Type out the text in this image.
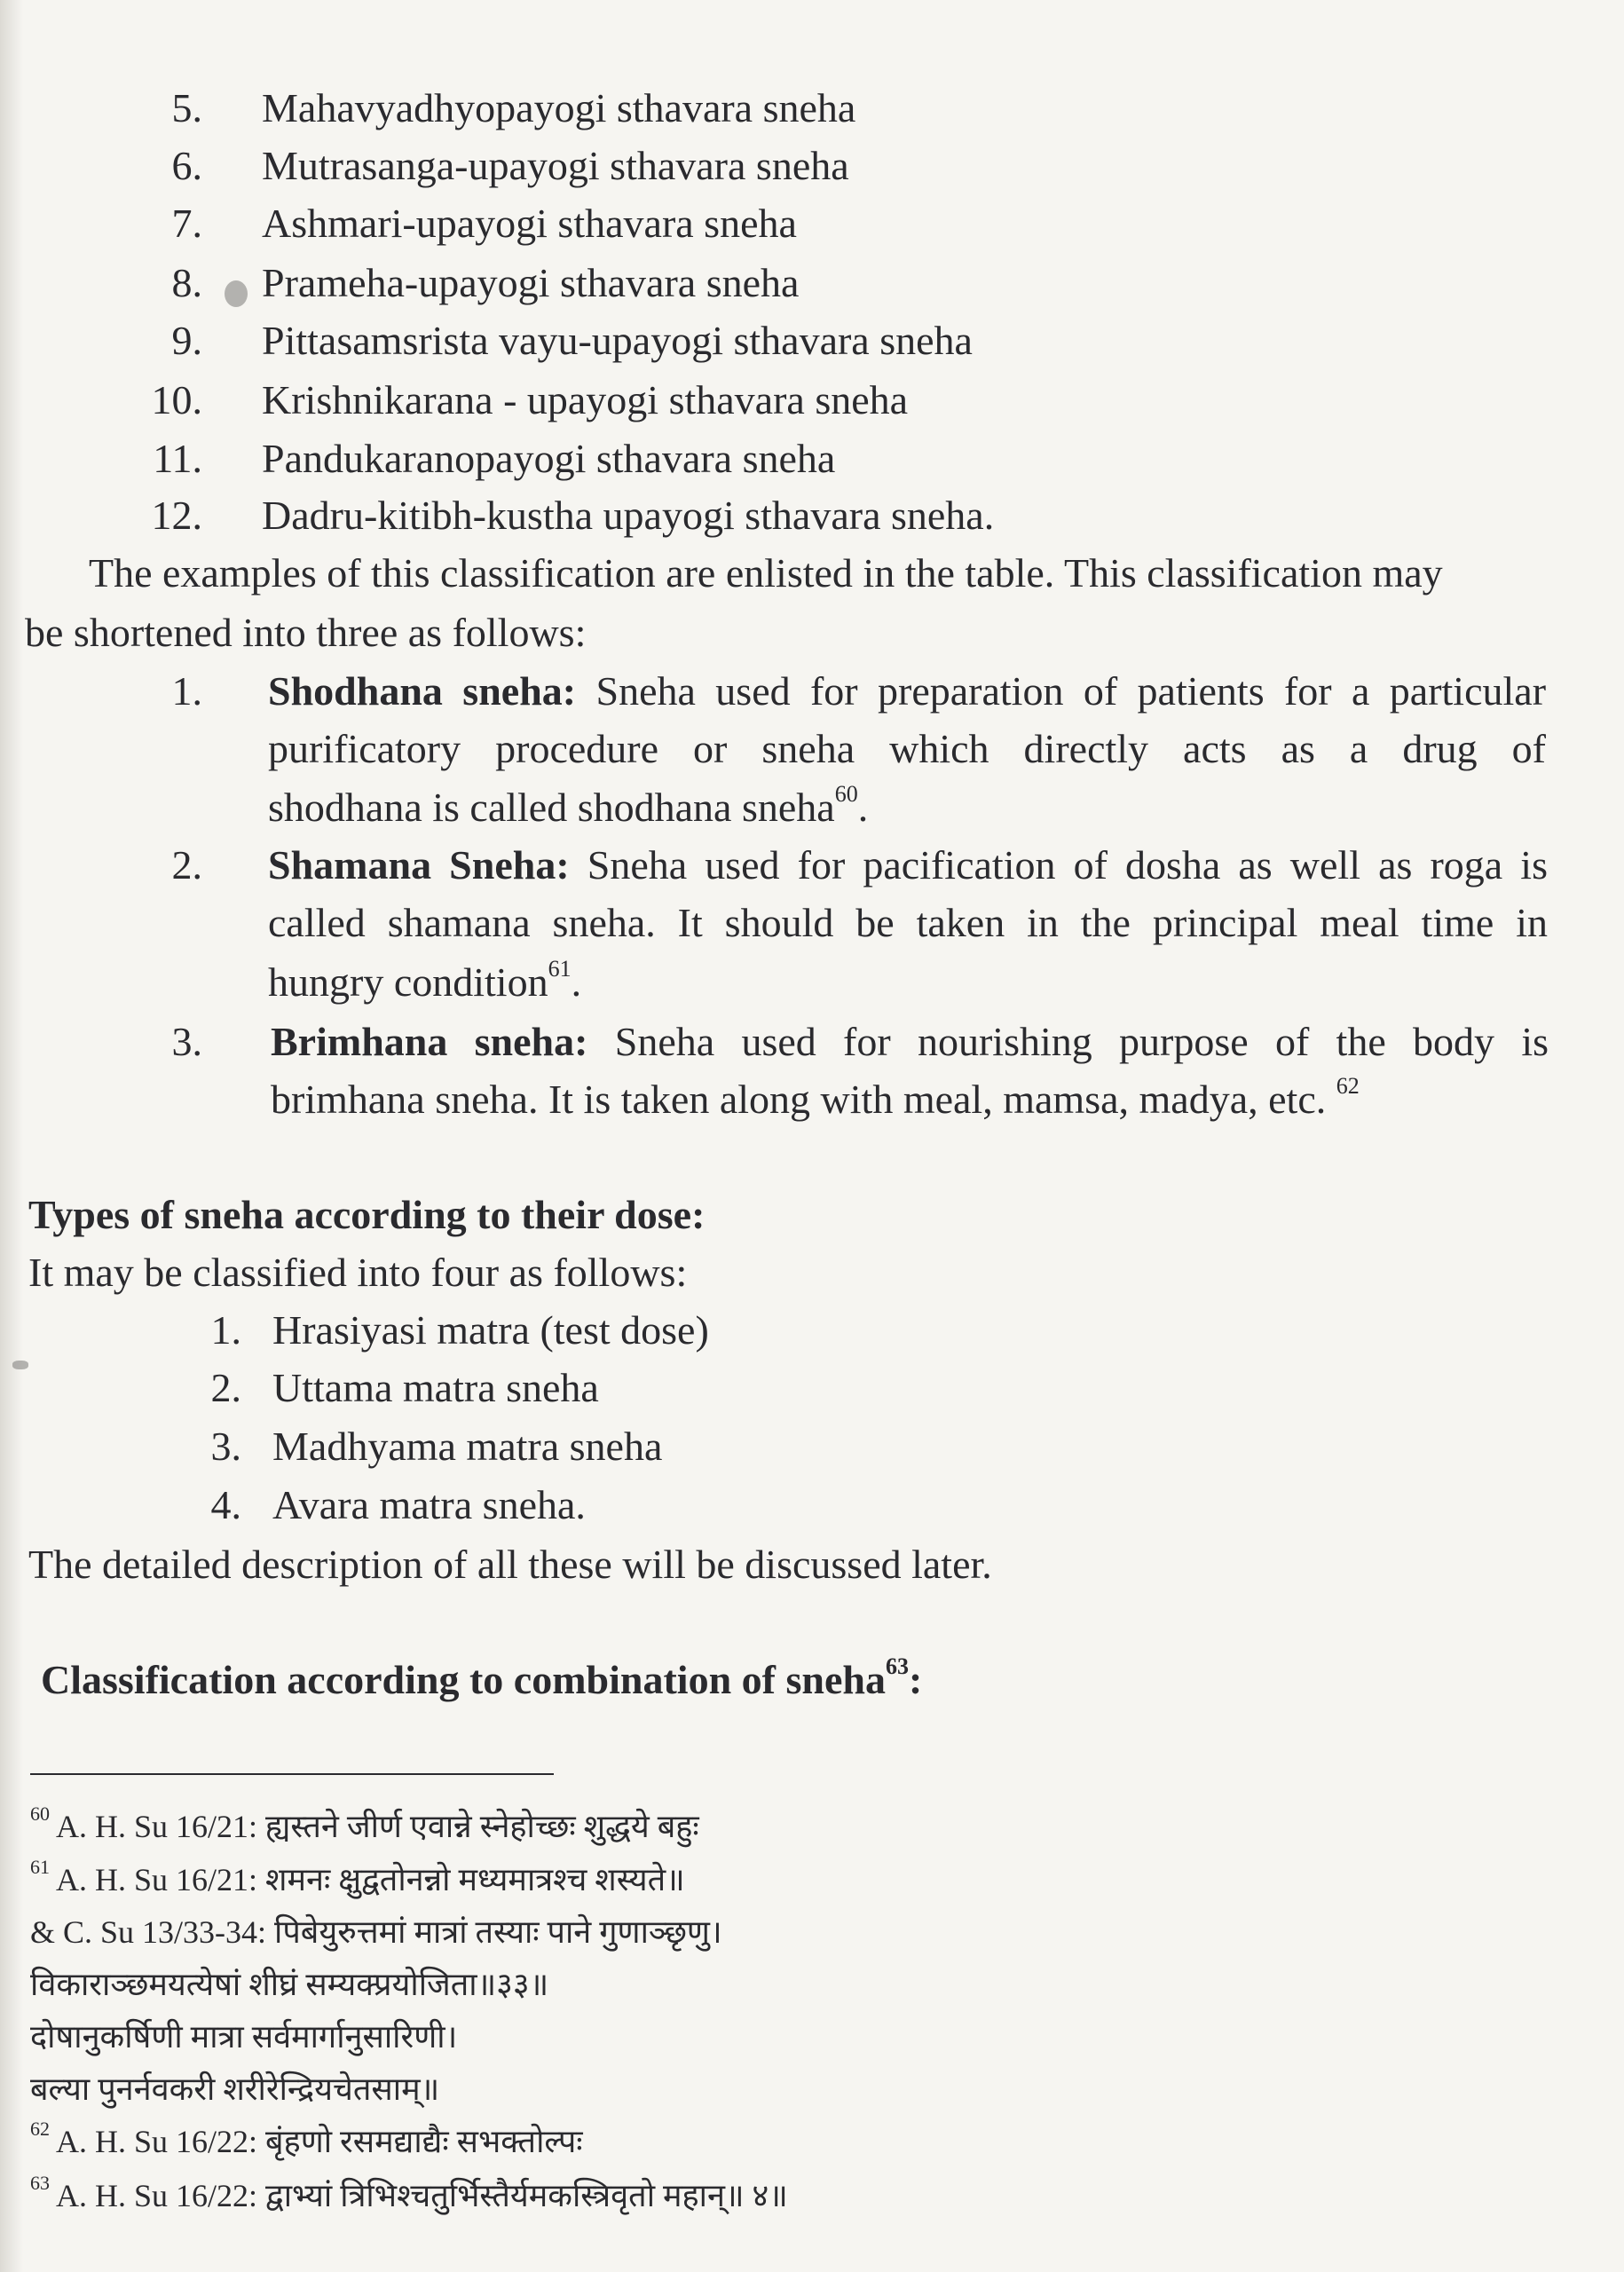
5. Mahavyadhyopayogi sthavara sneha
6. Mutrasanga-upayogi sthavara sneha
7. Ashmari-upayogi sthavara sneha
8. Prameha-upayogi sthavara sneha
9. Pittasamsrista vayu-upayogi sthavara sneha
10. Krishnikarana - upayogi sthavara sneha
11. Pandukaranopayogi sthavara sneha
12. Dadru-kitibh-kustha upayogi sthavara sneha.
The examples of this classification are enlisted in the table. This classification may
be shortened into three as follows:
1. Shodhana sneha: Sneha used for preparation of patients for a particular
purificatory procedure or sneha which directly acts as a drug of
shodhana is called shodhana sneha$^{60}$.
2. Shamana Sneha: Sneha used for pacification of dosha as well as roga is
called shamana sneha. It should be taken in the principal meal time in
hungry condition$^{61}$.
3. Brimhana sneha: Sneha used for nourishing purpose of the body is
brimhana sneha. It is taken along with meal, mamsa, madya, etc. $^{62}$
Types of sneha according to their dose:
It may be classified into four as follows:
1. Hrasiyasi matra (test dose)
2. Uttama matra sneha
3. Madhyama matra sneha
4. Avara matra sneha.
The detailed description of all these will be discussed later.
Classification according to combination of sneha$^{63}$:
$^{60}$ A. H. Su 16/21: ह्यस्तने जीर्ण एवान्ने स्नेहोच्छः शुद्धये बहुः
$^{61}$ A. H. Su 16/21: शमनः क्षुद्वतोनन्नो मध्यमात्रश्च शस्यते॥
& C. Su 13/33-34: पिबेयुरुत्तमां मात्रां तस्याः पाने गुणाञ्छृणु।
विकाराञ्छमयत्येषां शीघ्रं सम्यक्प्रयोजिता॥३३॥
दोषानुकर्षिणी मात्रा सर्वमार्गानुसारिणी।
बल्या पुनर्नवकरी शरीरेन्द्रियचेतसाम्॥
$^{62}$ A. H. Su 16/22: बृंहणो रसमद्याद्यैः सभक्तोल्पः
$^{63}$ A. H. Su 16/22: द्वाभ्यां त्रिभिश्चतुर्भिस्तैर्यमकस्त्रिवृतो महान्॥ ४॥
